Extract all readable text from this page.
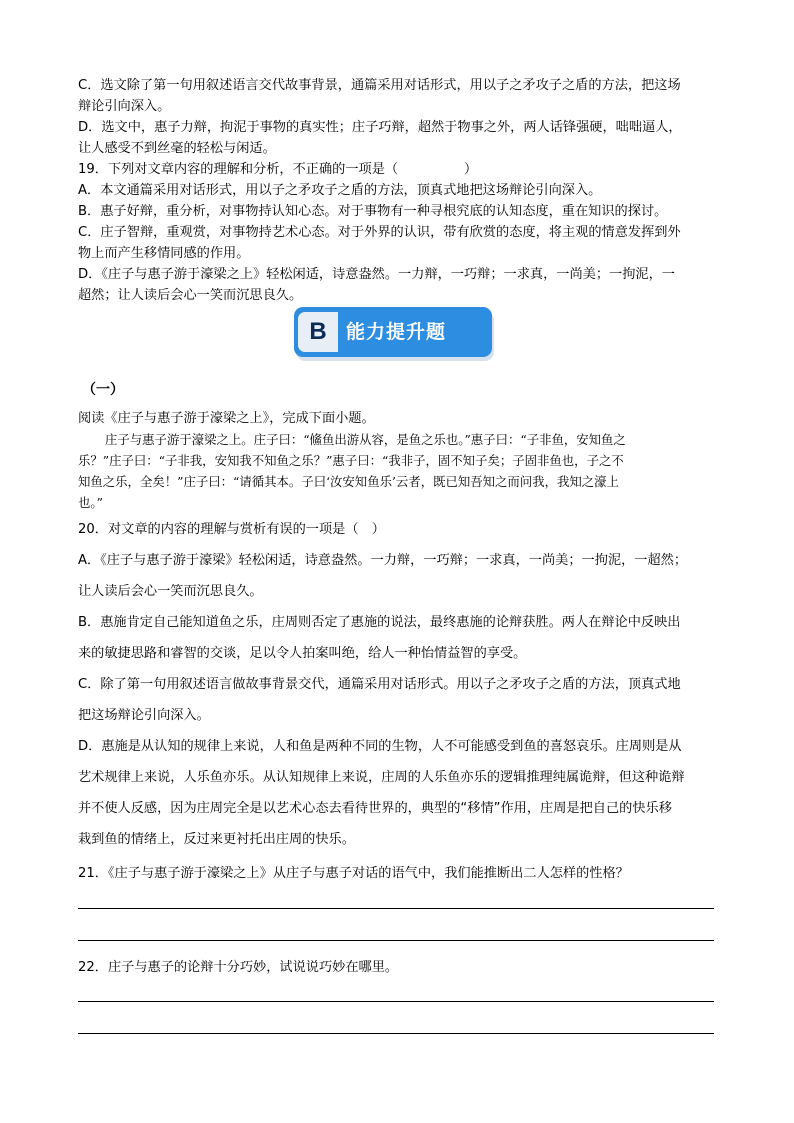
C．选文除了第一句用叙述语言交代故事背景，通篇采用对话形式，用以子之矛攻子之盾的方法，把这场
辩论引向深入。
D．选文中，惠子力辩，拘泥于事物的真实性；庄子巧辩，超然于物事之外，两人话锋强硬，咄咄逼人，
让人感受不到丝毫的轻松与闲适。
19．下列对文章内容的理解和分析，不正确的一项是（　　　　　）
A．本文通篇采用对话形式，用以子之矛攻子之盾的方法，顶真式地把这场辩论引向深入。
B．惠子好辩，重分析，对事物持认知心态。对于事物有一种寻根究底的认知态度，重在知识的探讨。
C．庄子智辩，重观赏，对事物持艺术心态。对于外界的认识，带有欣赏的态度，将主观的情意发挥到外
物上而产生移情同感的作用。
D．《庄子与惠子游于濠梁之上》轻松闲适，诗意盎然。一力辩，一巧辩；一求真，一尚美；一拘泥，一
超然；让人读后会心一笑而沉思良久。
B 能力提升题
（一）
阅读《庄子与惠子游于濠梁之上》，完成下面小题。
庄子与惠子游于濠梁之上。庄子曰：“鯈鱼出游从容，是鱼之乐也。”惠子曰：“子非鱼，安知鱼之
乐？”庄子曰：“子非我，安知我不知鱼之乐？”惠子曰：“我非子，固不知子矣；子固非鱼也，子之不
知鱼之乐，全矣！”庄子曰：“请循其本。子曰‘汝安知鱼乐’云者，既已知吾知之而问我，我知之濠上
也。”
20．对文章的内容的理解与赏析有误的一项是（　）
A．《庄子与惠子游于濠梁》轻松闲适，诗意盎然。一力辩，一巧辩；一求真，一尚美；一拘泥，一超然；
让人读后会心一笑而沉思良久。
B．惠施肯定自己能知道鱼之乐，庄周则否定了惠施的说法，最终惠施的论辩获胜。两人在辩论中反映出
来的敏捷思路和睿智的交谈，足以令人拍案叫绝，给人一种怡情益智的享受。
C．除了第一句用叙述语言做故事背景交代，通篇采用对话形式。用以子之矛攻子之盾的方法，顶真式地
把这场辩论引向深入。
D．惠施是从认知的规律上来说，人和鱼是两种不同的生物，人不可能感受到鱼的喜怒哀乐。庄周则是从
艺术规律上来说，人乐鱼亦乐。从认知规律上来说，庄周的人乐鱼亦乐的逻辑推理纯属诡辩，但这种诡辩
并不使人反感，因为庄周完全是以艺术心态去看待世界的，典型的“移情”作用，庄周是把自己的快乐移
栽到鱼的情绪上，反过来更衬托出庄周的快乐。
21．《庄子与惠子游于濠梁之上》从庄子与惠子对话的语气中，我们能推断出二人怎样的性格？
22．庄子与惠子的论辩十分巧妙，试说说巧妙在哪里。
